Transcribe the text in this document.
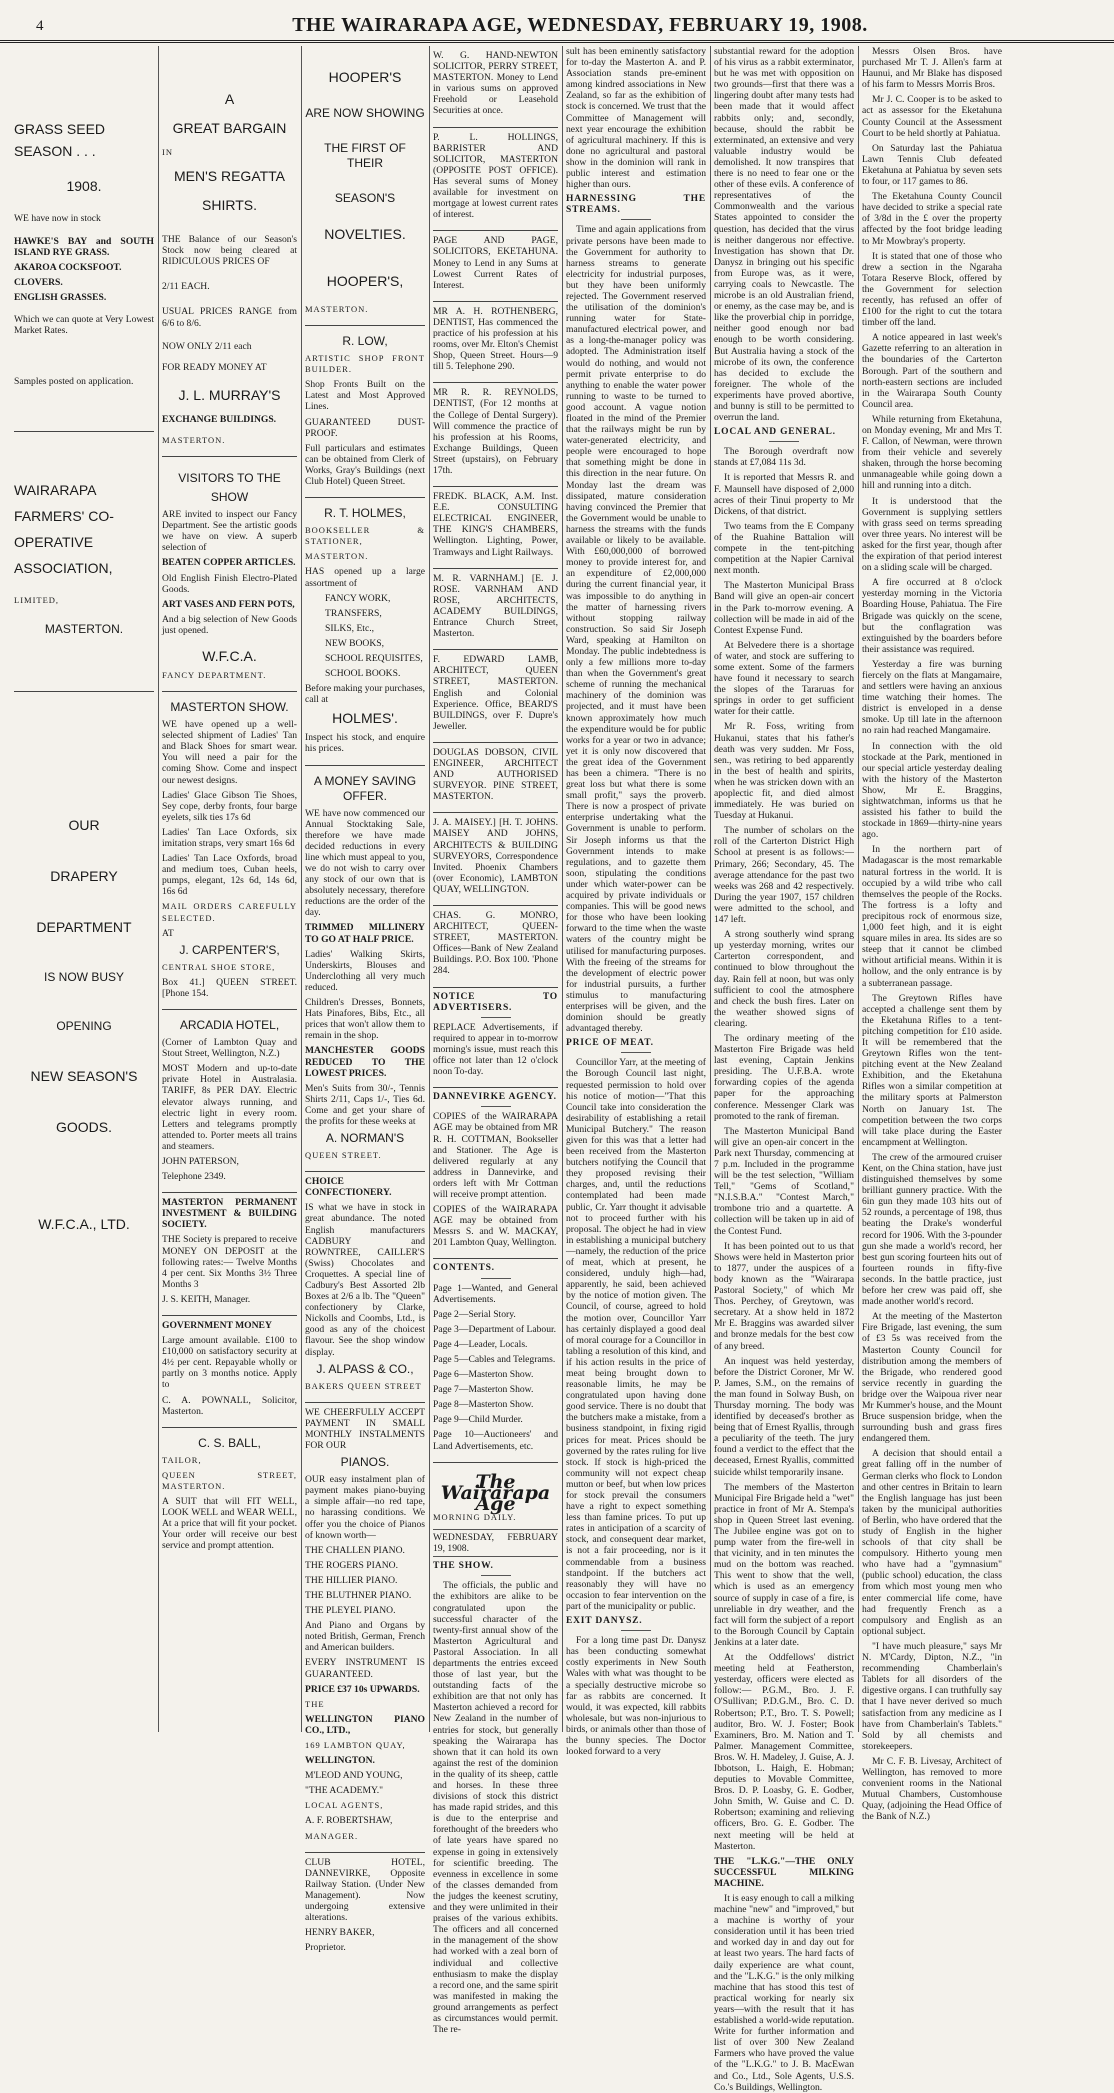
4	THE WAIRARAPA AGE, WEDNESDAY, FEBRUARY 19, 1908.
GRASS SEED
SEASON . . .
1908.

WE have now in stock

HAWKE'S BAY and SOUTH ISLAND RYE GRASS.

AKAROA COCKSFOOT.

CLOVERS.

ENGLISH GRASSES.

Which we can quote at Very Lowest Market Rates.

Samples posted on application.

WAIRARAPA FARMERS' CO-OPERATIVE ASSOCIATION,

LIMITED,

MASTERTON.
OUR
DRAPERY
DEPARTMENT
IS NOW BUSY
OPENING
NEW SEASON'S
GOODS.
W.F.C.A., LTD.
A
GREAT BARGAIN

IN

MEN'S REGATTA
SHIRTS.

THE Balance of our Season's Stock now being cleared at RIDICULOUS PRICES OF

2/11 EACH.

USUAL PRICES RANGE from 6/6 to 8/6.

NOW ONLY 2/11 each

FOR READY MONEY AT

J. L. MURRAY'S

EXCHANGE BUILDINGS.

MASTERTON.

VISITORS TO THE
SHOW

ARE invited to inspect our Fancy Department. See the artistic goods we have on view. A superb selection of

BEATEN COPPER ARTICLES.

Old English Finish Electro-Plated Goods.

ART VASES AND FERN POTS,

And a big selection of New Goods just opened.

W.F.C.A.

FANCY DEPARTMENT.

MASTERTON SHOW.

WE have opened up a well-selected shipment of Ladies' Tan and Black Shoes for smart wear. You will need a pair for the coming Show. Come and inspect our newest designs.

Ladies' Glace Gibson Tie Shoes, Sey cope, derby fronts, four barge eyelets, silk ties 17s 6d

Ladies' Tan Lace Oxfords, six imitation straps, very smart 16s 6d

Ladies' Tan Lace Oxfords, broad and medium toes, Cuban heels, pumps, elegant, 12s 6d, 14s 6d, 16s 6d

MAIL ORDERS CAREFULLY SELECTED.

AT

J. CARPENTER'S,

CENTRAL SHOE STORE,

Box 41.] QUEEN STREET. [Phone 154.

ARCADIA HOTEL,

(Corner of Lambton Quay and Stout Street, Wellington, N.Z.)

MOST Modern and up-to-date private Hotel in Australasia. TARIFF, 8s PER DAY. Electric elevator always running, and electric light in every room. Letters and telegrams promptly attended to. Porter meets all trains and steamers.

JOHN PATERSON,

Telephone 2349.

MASTERTON PERMANENT INVESTMENT & BUILDING SOCIETY.

THE Society is prepared to receive MONEY ON DEPOSIT at the following rates:— Twelve Months 4 per cent. Six Months 3½ Three Months 3

J. S. KEITH, Manager.

GOVERNMENT MONEY

Large amount available. £100 to £10,000 on satisfactory security at 4½ per cent. Repayable wholly or partly on 3 months notice. Apply to

C. A. POWNALL, Solicitor, Masterton.

C. S. BALL,

TAILOR,

QUEEN STREET, MASTERTON.

A SUIT that will FIT WELL, LOOK WELL and WEAR WELL, At a price that will fit your pocket. Your order will receive our best service and prompt attention.

HOOPER'S
ARE NOW SHOWING
THE FIRST OF THEIR
SEASON'S
NOVELTIES.
HOOPER'S,

MASTERTON.

R. LOW,

ARTISTIC SHOP FRONT BUILDER.

Shop Fronts Built on the Latest and Most Approved Lines.

GUARANTEED DUST-PROOF.

Full particulars and estimates can be obtained from Clerk of Works, Gray's Buildings (next Club Hotel) Queen Street.

R. T. HOLMES,

BOOKSELLER & STATIONER,

MASTERTON.

HAS opened up a large assortment of

FANCY WORK,

TRANSFERS,

SILKS, Etc.,

NEW BOOKS,

SCHOOL REQUISITES,

SCHOOL BOOKS.

Before making your purchases, call at

HOLMES'.

Inspect his stock, and enquire his prices.

A MONEY SAVING OFFER.

WE have now commenced our Annual Stocktaking Sale, therefore we have made decided reductions in every line which must appeal to you, we do not wish to carry over any stock of our own that is absolutely necessary, therefore reductions are the order of the day.

TRIMMED MILLINERY TO GO AT HALF PRICE.

Ladies' Walking Skirts, Underskirts, Blouses and Underclothing all very much reduced.

Children's Dresses, Bonnets, Hats Pinafores, Bibs, Etc., all prices that won't allow them to remain in the shop.

MANCHESTER GOODS REDUCED TO THE LOWEST PRICES.

Men's Suits from 30/-, Tennis Shirts 2/11, Caps 1/-, Ties 6d. Come and get your share of the profits for these weeks at

A. NORMAN'S

QUEEN STREET.

CHOICE CONFECTIONERY.

IS what we have in stock in great abundance. The noted English manufacturers CADBURY and ROWNTREE, CAILLER'S (Swiss) Chocolates and Croquettes. A special line of Cadbury's Best Assorted 2lb Boxes at 2/6 a lb. The "Queen" confectionery by Clarke, Nickolls and Coombs, Ltd., is good as any of the choicest flavour. See the shop window display.

J. ALPASS & CO.,

BAKERS QUEEN STREET

WE CHEERFULLY ACCEPT PAYMENT IN SMALL MONTHLY INSTALMENTS FOR OUR

PIANOS.

OUR easy instalment plan of payment makes piano-buying a simple affair—no red tape, no harassing conditions. We offer you the choice of Pianos of known worth—

THE CHALLEN PIANO.

THE ROGERS PIANO.

THE HILLIER PIANO.

THE BLUTHNER PIANO.

THE PLEYEL PIANO.

And Piano and Organs by noted British, German, French and American builders.

EVERY INSTRUMENT IS GUARANTEED.

PRICE £37 10s UPWARDS.

THE

WELLINGTON PIANO CO., LTD.,

169 LAMBTON QUAY,

WELLINGTON.

M'LEOD AND YOUNG,

"THE ACADEMY."

LOCAL AGENTS,

A. F. ROBERTSHAW,

MANAGER.

CLUB HOTEL, DANNEVIRKE, Opposite Railway Station. (Under New Management). Now undergoing extensive alterations.

HENRY BAKER,

Proprietor.

W. G. HAND-NEWTON SOLICITOR, PERRY STREET, MASTERTON. Money to Lend in various sums on approved Freehold or Leasehold Securities at once.

P. L. HOLLINGS, BARRISTER AND SOLICITOR, MASTERTON (OPPOSITE POST OFFICE). Has several sums of Money available for investment on mortgage at lowest current rates of interest.

PAGE AND PAGE, SOLICITORS, EKETAHUNA. Money to Lend in any Sums at Lowest Current Rates of Interest.

MR A. H. ROTHENBERG, DENTIST, Has commenced the practice of his profession at his rooms, over Mr. Elton's Chemist Shop, Queen Street. Hours—9 till 5. Telephone 290.

MR R. R. REYNOLDS, DENTIST, (For 12 months at the College of Dental Surgery). Will commence the practice of his profession at his Rooms, Exchange Buildings, Queen Street (upstairs), on February 17th.

FREDK. BLACK, A.M. Inst. E.E. CONSULTING ELECTRICAL ENGINEER, THE KING'S CHAMBERS, Wellington. Lighting, Power, Tramways and Light Railways.

M. R. VARNHAM.] [E. J. ROSE. VARNHAM AND ROSE, ARCHITECTS, ACADEMY BUILDINGS, Entrance Church Street, Masterton.

F. EDWARD LAMB, ARCHITECT, QUEEN STREET, MASTERTON. English and Colonial Experience. Office, BEARD'S BUILDINGS, over F. Dupre's Jeweller.

DOUGLAS DOBSON, CIVIL ENGINEER, ARCHITECT AND AUTHORISED SURVEYOR. PINE STREET, MASTERTON.

J. A. MAISEY.] [H. T. JOHNS. MAISEY AND JOHNS, ARCHITECTS & BUILDING SURVEYORS, Correspondence Invited. Phoenix Chambers (over Economic), LAMBTON QUAY, WELLINGTON.

CHAS. G. MONRO, ARCHITECT, QUEEN-STREET, MASTERTON. Offices—Bank of New Zealand Buildings. P.O. Box 100. 'Phone 284.

NOTICE TO ADVERTISERS.

REPLACE Advertisements, if required to appear in to-morrow morning's issue, must reach this office not later than 12 o'clock noon To-day.

DANNEVIRKE AGENCY.

COPIES of the WAIRARAPA AGE may be obtained from MR R. H. COTTMAN, Bookseller and Stationer. The Age is delivered regularly at any address in Dannevirke, and orders left with Mr Cottman will receive prompt attention.

COPIES of the WAIRARAPA AGE may be obtained from Messrs S. and W. MACKAY, 201 Lambton Quay, Wellington.

CONTENTS.

Page 1—Wanted, and General Advertisements.

Page 2—Serial Story.

Page 3—Department of Labour.

Page 4—Leader, Locals.

Page 5—Cables and Telegrams.

Page 6—Masterton Show.

Page 7—Masterton Show.

Page 8—Masterton Show.

Page 9—Child Murder.

Page 10—Auctioneers' and Land Advertisements, etc.

The Wairarapa Age

MORNING DAILY.

WEDNESDAY, FEBRUARY 19, 1908.

THE SHOW.

The officials, the public and the exhibitors are alike to be congratulated upon the successful character of the twenty-first annual show of the Masterton Agricultural and Pastoral Association. In all departments the entries exceed those of last year, but the outstanding facts of the exhibition are that not only has Masterton achieved a record for New Zealand in the number of entries for stock, but generally speaking the Wairarapa has shown that it can hold its own against the rest of the dominion in the quality of its sheep, cattle and horses. In these three divisions of stock this district has made rapid strides, and this is due to the enterprise and forethought of the breeders who of late years have spared no expense in going in extensively for scientific breeding. The evenness in excellence in some of the classes demanded from the judges the keenest scrutiny, and they were unlimited in their praises of the various exhibits. The officers and all concerned in the management of the show had worked with a zeal born of individual and collective enthusiasm to make the display a record one, and the same spirit was manifested in making the ground arrangements as perfect as circumstances would permit. The re-

sult has been eminently satisfactory for to-day the Masterton A. and P. Association stands pre-eminent among kindred associations in New Zealand, so far as the exhibition of stock is concerned. We trust that the Committee of Management will next year encourage the exhibition of agricultural machinery. If this is done no agricultural and pastoral show in the dominion will rank in public interest and estimation higher than ours.

HARNESSING THE STREAMS.

Time and again applications from private persons have been made to the Government for authority to harness streams to generate electricity for industrial purposes, but they have been uniformly rejected. The Government reserved the utilisation of the dominion's running water for State-manufactured electrical power, and as a long-the-manager policy was adopted. The Administration itself would do nothing, and would not permit private enterprise to do anything to enable the water power running to waste to be turned to good account. A vague notion floated in the mind of the Premier that the railways might be run by water-generated electricity, and people were encouraged to hope that something might be done in this direction in the near future. On Monday last the dream was dissipated, mature consideration having convinced the Premier that the Government would be unable to harness the streams with the funds available or likely to be available. With £60,000,000 of borrowed money to provide interest for, and an expenditure of £2,000,000 during the current financial year, it was impossible to do anything in the matter of harnessing rivers without stopping railway construction. So said Sir Joseph Ward, speaking at Hamilton on Monday. The public indebtedness is only a few millions more to-day than when the Government's great scheme of running the mechanical machinery of the dominion was projected, and it must have been known approximately how much the expenditure would be for public works for a year or two in advance; yet it is only now discovered that the great idea of the Government has been a chimera. "There is no great loss but what there is some small profit," says the proverb. There is now a prospect of private enterprise undertaking what the Government is unable to perform. Sir Joseph informs us that the Government intends to make regulations, and to gazette them soon, stipulating the conditions under which water-power can be acquired by private individuals or companies. This will be good news for those who have been looking forward to the time when the waste waters of the country might be utilised for manufacturing purposes. With the freeing of the streams for the development of electric power for industrial pursuits, a further stimulus to manufacturing enterprises will be given, and the dominion should be greatly advantaged thereby.

PRICE OF MEAT.

Councillor Yarr, at the meeting of the Borough Council last night, requested permission to hold over his notice of motion—"That this Council take into consideration the desirability of establishing a retail Municipal Butchery." The reason given for this was that a letter had been received from the Masterton butchers notifying the Council that they proposed revising their charges, and, until the reductions contemplated had been made public, Cr. Yarr thought it advisable not to proceed further with his proposal. The object he had in view in establishing a municipal butchery—namely, the reduction of the price of meat, which at present, he considered, unduly high—had, apparently, he said, been achieved by the notice of motion given. The Council, of course, agreed to hold the motion over, Councillor Yarr has certainly displayed a good deal of moral courage for a Councillor in tabling a resolution of this kind, and if his action results in the price of meat being brought down to reasonable limits, he may be congratulated upon having done good service. There is no doubt that the butchers make a mistake, from a business standpoint, in fixing rigid prices for meat. Prices should be governed by the rates ruling for live stock. If stock is high-priced the community will not expect cheap mutton or beef, but when low prices for stock prevail the consumers have a right to expect something less than famine prices. To put up rates in anticipation of a scarcity of stock, and consequent dear market, is not a fair proceeding, nor is it commendable from a business standpoint. If the butchers act reasonably they will have no occasion to fear intervention on the part of the municipality or public.

EXIT DANYSZ.

For a long time past Dr. Danysz has been conducting somewhat costly experiments in New South Wales with what was thought to be a specially destructive microbe so far as rabbits are concerned. It would, it was expected, kill rabbits wholesale, but was non-injurious to birds, or animals other than those of the bunny species. The Doctor looked forward to a very

substantial reward for the adoption of his virus as a rabbit exterminator, but he was met with opposition on two grounds—first that there was a lingering doubt after many tests had been made that it would affect rabbits only; and, secondly, because, should the rabbit be exterminated, an extensive and very valuable industry would be demolished. It now transpires that there is no need to fear one or the other of these evils. A conference of representatives of the Commonwealth and the various States appointed to consider the question, has decided that the virus is neither dangerous nor effective. Investigation has shown that Dr. Danysz in bringing out his specific from Europe was, as it were, carrying coals to Newcastle. The microbe is an old Australian friend, or enemy, as the case may be, and is like the proverbial chip in porridge, neither good enough nor bad enough to be worth considering. But Australia having a stock of the microbe of its own, the conference has decided to exclude the foreigner. The whole of the experiments have proved abortive, and bunny is still to be permitted to overrun the land.

LOCAL AND GENERAL.

The Borough overdraft now stands at £7,084 11s 3d.

It is reported that Messrs R. and F. Maunsell have disposed of 2,000 acres of their Tinui property to Mr Dickens, of that district.

Two teams from the E Company of the Ruahine Battalion will compete in the tent-pitching competition at the Napier Carnival next month.

The Masterton Municipal Brass Band will give an open-air concert in the Park to-morrow evening. A collection will be made in aid of the Contest Expense Fund.

At Belvedere there is a shortage of water, and stock are suffering to some extent. Some of the farmers have found it necessary to search the slopes of the Tararuas for springs in order to get sufficient water for their cattle.

Mr R. Foss, writing from Hukanui, states that his father's death was very sudden. Mr Foss, sen., was retiring to bed apparently in the best of health and spirits, when he was stricken down with an apoplectic fit, and died almost immediately. He was buried on Tuesday at Hukanui.

The number of scholars on the roll of the Carterton District High School at present is as follows:—Primary, 266; Secondary, 45. The average attendance for the past two weeks was 268 and 42 respectively. During the year 1907, 157 children were admitted to the school, and 147 left.

A strong southerly wind sprang up yesterday morning, writes our Carterton correspondent, and continued to blow throughout the day. Rain fell at noon, but was only sufficient to cool the atmosphere and check the bush fires. Later on the weather showed signs of clearing.

The ordinary meeting of the Masterton Fire Brigade was held last evening, Captain Jenkins presiding. The U.F.B.A. wrote forwarding copies of the agenda paper for the approaching conference. Messenger Clark was promoted to the rank of fireman.

The Masterton Municipal Band will give an open-air concert in the Park next Thursday, commencing at 7 p.m. Included in the programme will be the test selection, "William Tell," "Gems of Scotland," "N.I.S.B.A." "Contest March," trombone trio and a quartette. A collection will be taken up in aid of the Contest Fund.

It has been pointed out to us that Shows were held in Masterton prior to 1877, under the auspices of a body known as the "Wairarapa Pastoral Society," of which Mr Thos. Perchey, of Greytown, was secretary. At a show held in 1872 Mr E. Braggins was awarded silver and bronze medals for the best cow of any breed.

An inquest was held yesterday, before the District Coroner, Mr W. P. James, S.M., on the remains of the man found in Solway Bush, on Thursday morning. The body was identified by deceased's brother as being that of Ernest Ryallis, through a peculiarity of the teeth. The jury found a verdict to the effect that the deceased, Ernest Ryallis, committed suicide whilst temporarily insane.

The members of the Masterton Municipal Fire Brigade held a "wet" practice in front of Mr A. Stempa's shop in Queen Street last evening. The Jubilee engine was got on to pump water from the fire-well in that vicinity, and in ten minutes the mud on the bottom was reached. This went to show that the well, which is used as an emergency source of supply in case of a fire, is unreliable in dry weather, and the fact will form the subject of a report to the Borough Council by Captain Jenkins at a later date.

At the Oddfellows' district meeting held at Featherston, yesterday, officers were elected as follow:— P.G.M., Bro. J. F. O'Sullivan; P.D.G.M., Bro. C. D. Robertson; P.T., Bro. T. S. Powell; auditor, Bro. W. J. Foster; Book Examiners, Bro. M. Nation and T. Palmer. Management Committee, Bros. W. H. Madeley, J. Guise, A. J. Ibbotson, L. Haigh, E. Hobman; deputies to Movable Committee, Bros. D. P. Loasby, G. E. Godber, John Smith, W. Guise and C. D. Robertson; examining and relieving officers, Bro. G. E. Godber. The next meeting will be held at Masterton.

THE "L.K.G."—THE ONLY SUCCESSFUL MILKING MACHINE.

It is easy enough to call a milking machine "new" and "improved," but a machine is worthy of your consideration until it has been tried and worked day in and day out for at least two years. The hard facts of daily experience are what count, and the "L.K.G." is the only milking machine that has stood this test of practical working for nearly six years—with the result that it has established a world-wide reputation. Write for further information and list of over 300 New Zealand Farmers who have proved the value of the "L.K.G." to J. B. MacEwan and Co., Ltd., Sole Agents, U.S.S. Co.'s Buildings, Wellington.

Messrs Olsen Bros. have purchased Mr T. J. Allen's farm at Haunui, and Mr Blake has disposed of his farm to Messrs Morris Bros.

Mr J. C. Cooper is to be asked to act as assessor for the Eketahuna County Council at the Assessment Court to be held shortly at Pahiatua.

On Saturday last the Pahiatua Lawn Tennis Club defeated Eketahuna at Pahiatua by seven sets to four, or 117 games to 86.

The Eketahuna County Council have decided to strike a special rate of 3/8d in the £ over the property affected by the foot bridge leading to Mr Mowbray's property.

It is stated that one of those who drew a section in the Ngaraha Totara Reserve Block, offered by the Government for selection recently, has refused an offer of £100 for the right to cut the totara timber off the land.

A notice appeared in last week's Gazette referring to an alteration in the boundaries of the Carterton Borough. Part of the southern and north-eastern sections are included in the Wairarapa South County Council area.

While returning from Eketahuna, on Monday evening, Mr and Mrs T. F. Callon, of Newman, were thrown from their vehicle and severely shaken, through the horse becoming unmanageable while going down a hill and running into a ditch.

It is understood that the Government is supplying settlers with grass seed on terms spreading over three years. No interest will be asked for the first year, though after the expiration of that period interest on a sliding scale will be charged.

A fire occurred at 8 o'clock yesterday morning in the Victoria Boarding House, Pahiatua. The Fire Brigade was quickly on the scene, but the conflagration was extinguished by the boarders before their assistance was required.

Yesterday a fire was burning fiercely on the flats at Mangamaire, and settlers were having an anxious time watching their homes. The district is enveloped in a dense smoke. Up till late in the afternoon no rain had reached Mangamaire.

In connection with the old stockade at the Park, mentioned in our special article yesterday dealing with the history of the Masterton Show, Mr E. Braggins, sightwatchman, informs us that he assisted his father to build the stockade in 1869—thirty-nine years ago.

In the northern part of Madagascar is the most remarkable natural fortress in the world. It is occupied by a wild tribe who call themselves the people of the Rocks. The fortress is a lofty and precipitous rock of enormous size, 1,000 feet high, and it is eight square miles in area. Its sides are so steep that it cannot be climbed without artificial means. Within it is hollow, and the only entrance is by a subterranean passage.

The Greytown Rifles have accepted a challenge sent them by the Eketahuna Rifles to a tent-pitching competition for £10 aside. It will be remembered that the Greytown Rifles won the tent-pitching event at the New Zealand Exhibition, and the Eketahuna Rifles won a similar competition at the military sports at Palmerston North on January 1st. The competition between the two corps will take place during the Easter encampment at Wellington.

The crew of the armoured cruiser Kent, on the China station, have just distinguished themselves by some brilliant gunnery practice. With the 6in gun they made 103 hits out of 52 rounds, a percentage of 198, thus beating the Drake's wonderful record for 1906. With the 3-pounder gun she made a world's record, her best gun scoring fourteen hits out of fourteen rounds in fifty-five seconds. In the battle practice, just before her crew was paid off, she made another world's record.

At the meeting of the Masterton Fire Brigade, last evening, the sum of £3 5s was received from the Masterton County Council for distribution among the members of the Brigade, who rendered good service recently in guarding the bridge over the Waipoua river near Mr Kummer's house, and the Mount Bruce suspension bridge, when the surrounding bush and grass fires endangered them.

A decision that should entail a great falling off in the number of German clerks who flock to London and other centres in Britain to learn the English language has just been taken by the municipal authorities of Berlin, who have ordered that the study of English in the higher schools of that city shall be compulsory. Hitherto young men who have had a "gymnasium" (public school) education, the class from which most young men who enter commercial life come, have had frequently French as a compulsory and English as an optional subject.

"I have much pleasure," says Mr N. M'Cardy, Dipton, N.Z., "in recommending Chamberlain's Tablets for all disorders of the digestive organs. I can truthfully say that I have never derived so much satisfaction from any medicine as I have from Chamberlain's Tablets." Sold by all chemists and storekeepers.

Mr C. F. B. Livesay, Architect of Wellington, has removed to more convenient rooms in the National Mutual Chambers, Customhouse Quay, (adjoining the Head Office of the Bank of N.Z.)
